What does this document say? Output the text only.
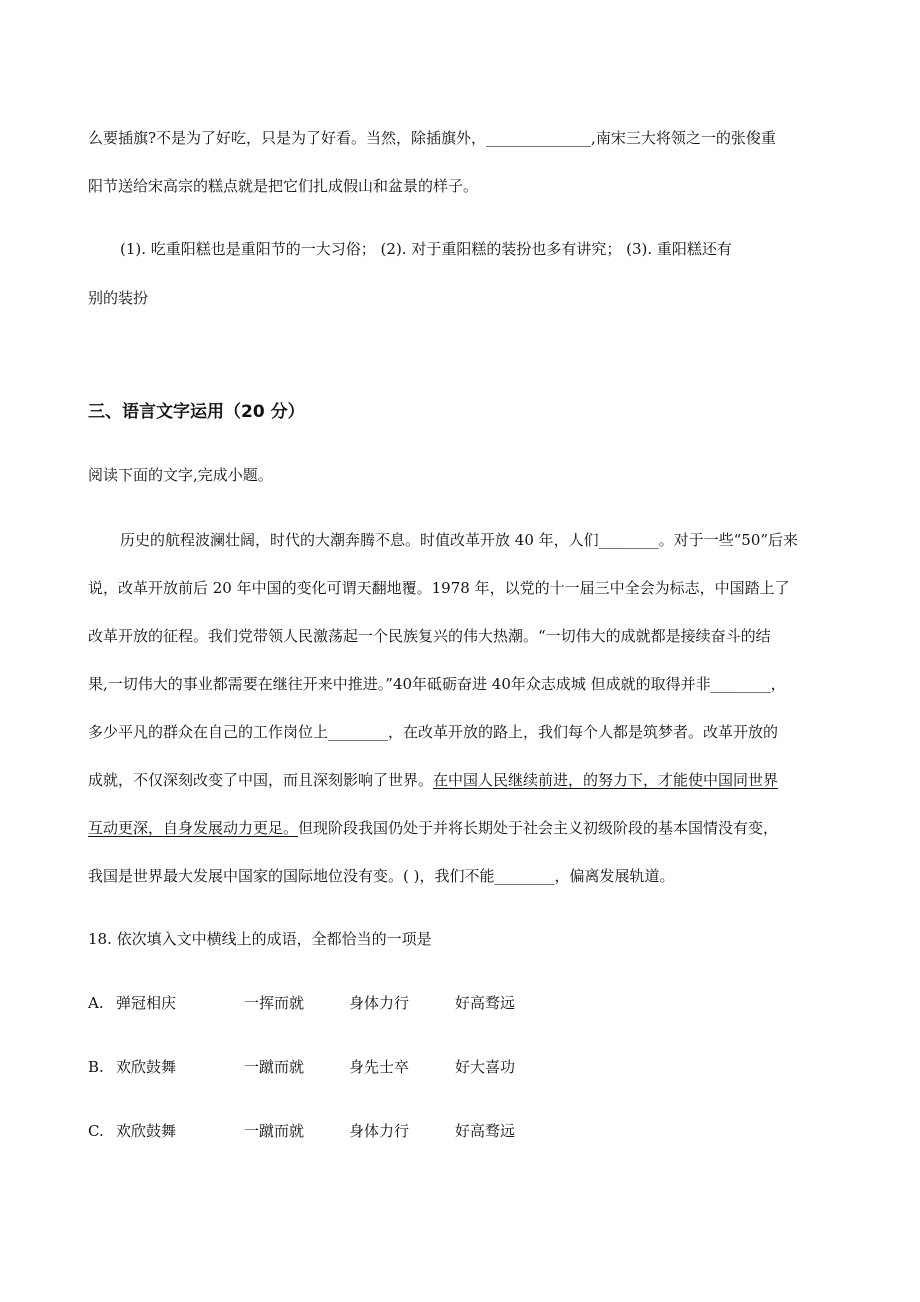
么要插旗?不是为了好吃，只是为了好看。当然，除插旗外，______________,南宋三大将领之一的张俊重
阳节送给宋高宗的糕点就是把它们扎成假山和盆景的样子。
(1). 吃重阳糕也是重阳节的一大习俗； (2). 对于重阳糕的装扮也多有讲究； (3). 重阳糕还有
别的装扮
三、语言文字运用（20 分）
阅读下面的文字,完成小题。
历史的航程波澜壮阔，时代的大潮奔腾不息。时值改革开放 40 年，人们________。对于一些“50”后来
说，改革开放前后 20 年中国的变化可谓天翻地覆。1978 年，以党的十一届三中全会为标志，中国踏上了
改革开放的征程。我们党带领人民激荡起一个民族复兴的伟大热潮。“一切伟大的成就都是接续奋斗的结
果,一切伟大的事业都需要在继往开来中推进。”40年砥砺奋进 40年众志成城 但成就的取得并非________，
多少平凡的群众在自己的工作岗位上________，在改革开放的路上，我们每个人都是筑梦者。改革开放的
成就，不仅深刻改变了中国，而且深刻影响了世界。在中国人民继续前进，的努力下，才能使中国同世界
互动更深，自身发展动力更足。但现阶段我国仍处于并将长期处于社会主义初级阶段的基本国情没有变，
我国是世界最大发展中国家的国际地位没有变。( )，我们不能________，偏离发展轨道。
18. 依次填入文中横线上的成语，全都恰当的一项是
A. 弹冠相庆	一挥而就	身体力行	好高骛远
B. 欢欣鼓舞	一蹴而就	身先士卒	好大喜功
C. 欢欣鼓舞	一蹴而就	身体力行	好高骛远
